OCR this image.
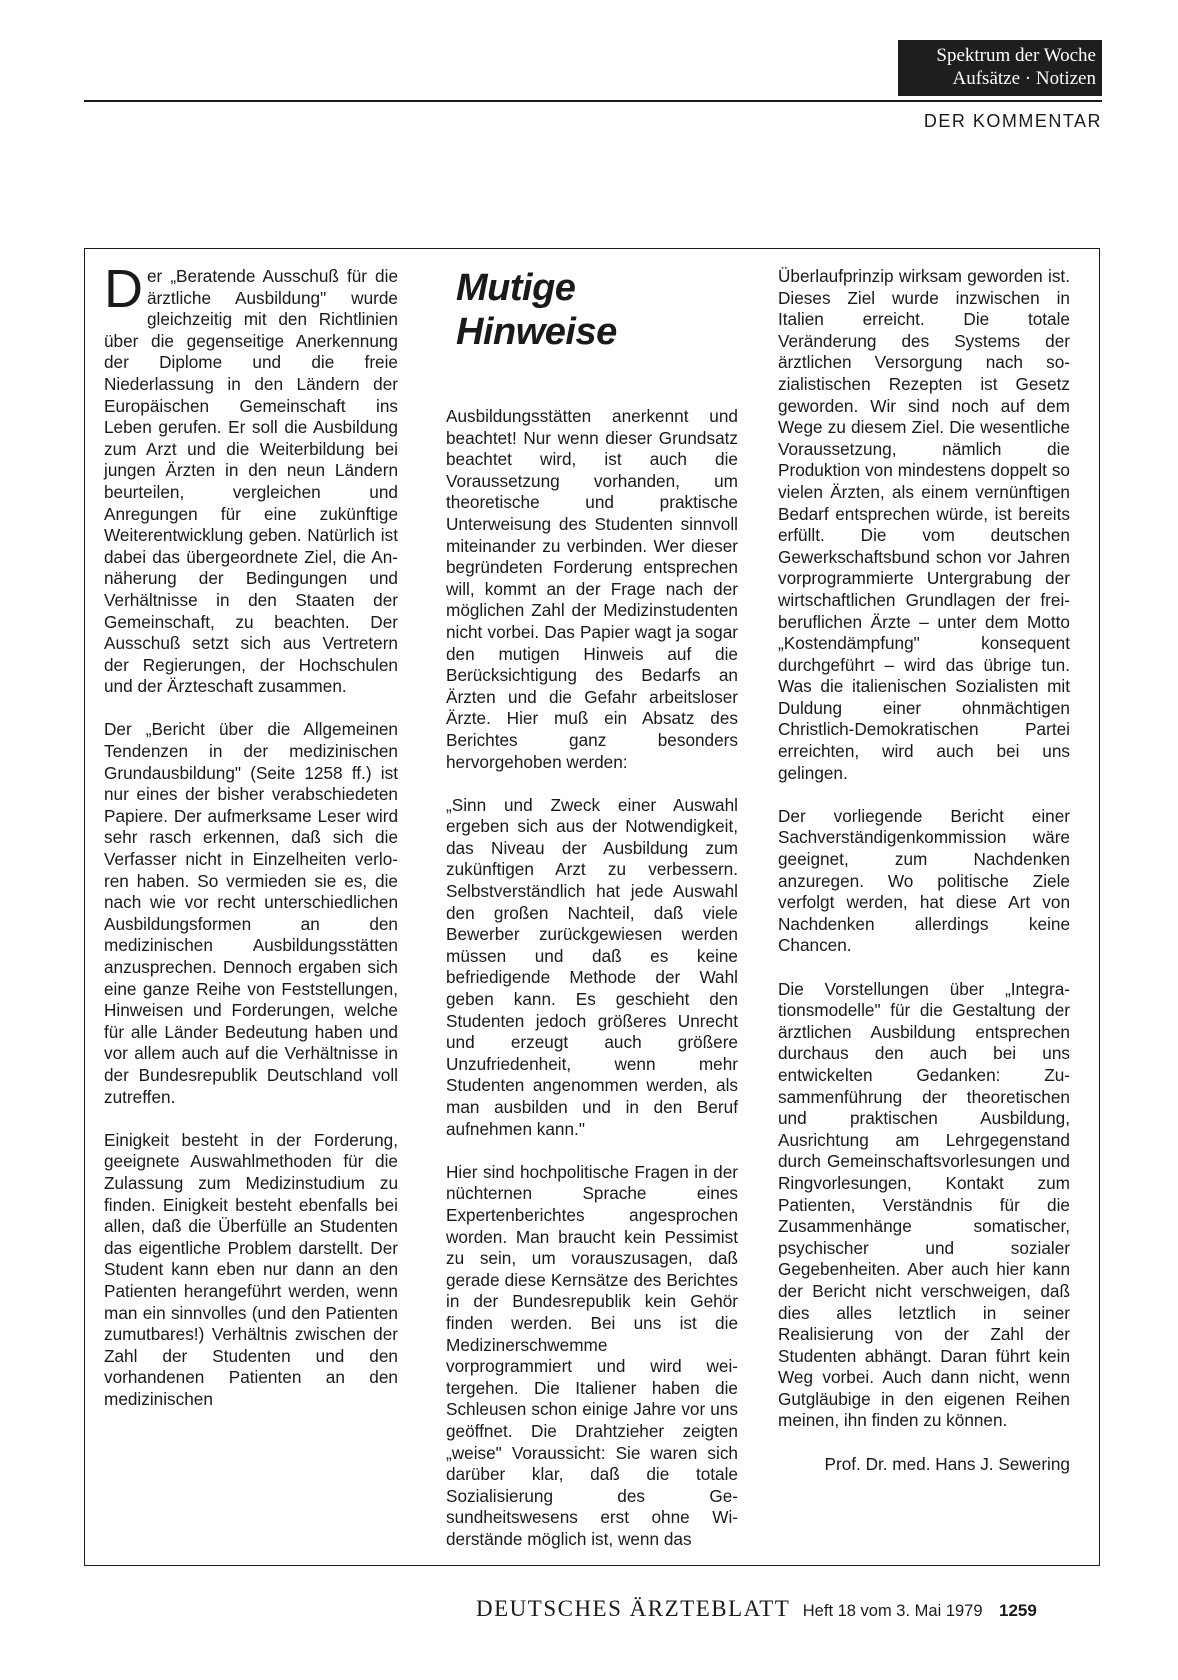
Spektrum der Woche
Aufsätze · Notizen
DER KOMMENTAR

Der „Beratende Ausschuß für die ärztliche Ausbildung" wurde gleichzeitig mit den Richtlinien über die gegenseitige Anerkennung der Diplome und die freie Niederlassung in den Ländern der Europäischen Gemeinschaft ins Leben gerufen. Er soll die Ausbildung zum Arzt und die Weiterbildung bei jungen Ärzten in den neun Ländern beurteilen, vergleichen und Anregungen für eine zukünftige Weiterentwicklung geben. Natürlich ist dabei das übergeordnete Ziel, die Annäherung der Bedingungen und Verhältnisse in den Staaten der Gemeinschaft, zu beachten. Der Ausschuß setzt sich aus Vertretern der Regierungen, der Hochschulen und der Ärzteschaft zusammen.

Der „Bericht über die Allgemeinen Tendenzen in der medizinischen Grundausbildung" (Seite 1258 ff.) ist nur eines der bisher verabschiedeten Papiere. Der aufmerksame Leser wird sehr rasch erkennen, daß sich die Verfasser nicht in Einzelheiten verloren haben. So vermieden sie es, die nach wie vor recht unterschiedlichen Ausbildungsformen an den medizinischen Ausbildungsstätten anzusprechen. Dennoch ergaben sich eine ganze Reihe von Feststellungen, Hinweisen und Forderungen, welche für alle Länder Bedeutung haben und vor allem auch auf die Verhältnisse in der Bundesrepublik Deutschland voll zutreffen.

Einigkeit besteht in der Forderung, geeignete Auswahlmethoden für die Zulassung zum Medizinstudium zu finden. Einigkeit besteht ebenfalls bei allen, daß die Überfülle an Studenten das eigentliche Problem darstellt. Der Student kann eben nur dann an den Patienten herangeführt werden, wenn man ein sinnvolles (und den Patienten zumutbares!) Verhältnis zwischen der Zahl der Studenten und den vorhandenen Patienten an den medizinischen

Mutige Hinweise

Ausbildungsstätten anerkennt und beachtet! Nur wenn dieser Grundsatz beachtet wird, ist auch die Voraussetzung vorhanden, um theoretische und praktische Unterweisung des Studenten sinnvoll miteinander zu verbinden. Wer dieser begründeten Forderung entsprechen will, kommt an der Frage nach der möglichen Zahl der Medizinstudenten nicht vorbei. Das Papier wagt ja sogar den mutigen Hinweis auf die Berücksichtigung des Bedarfs an Ärzten und die Gefahr arbeitsloser Ärzte. Hier muß ein Absatz des Berichtes ganz besonders hervorgehoben werden:

„Sinn und Zweck einer Auswahl ergeben sich aus der Notwendigkeit, das Niveau der Ausbildung zum zukünftigen Arzt zu verbessern. Selbstverständlich hat jede Auswahl den großen Nachteil, daß viele Bewerber zurückgewiesen werden müssen und daß es keine befriedigende Methode der Wahl geben kann. Es geschieht den Studenten jedoch größeres Unrecht und erzeugt auch größere Unzufriedenheit, wenn mehr Studenten angenommen werden, als man ausbilden und in den Beruf aufnehmen kann."

Hier sind hochpolitische Fragen in der nüchternen Sprache eines Expertenberichtes angesprochen worden. Man braucht kein Pessimist zu sein, um vorauszusagen, daß gerade diese Kernsätze des Berichtes in der Bundesrepublik kein Gehör finden werden. Bei uns ist die Medizinerschwemme vorprogrammiert und wird weitergehen. Die Italiener haben die Schleusen schon einige Jahre vor uns geöffnet. Die Drahtzieher zeigten „weise" Voraussicht: Sie waren sich darüber klar, daß die totale Sozialisierung des Gesundheitswesens erst ohne Widerstände möglich ist, wenn das

Überlaufprinzip wirksam geworden ist. Dieses Ziel wurde inzwischen in Italien erreicht. Die totale Veränderung des Systems der ärztlichen Versorgung nach sozialistischen Rezepten ist Gesetz geworden. Wir sind noch auf dem Wege zu diesem Ziel. Die wesentliche Voraussetzung, nämlich die Produktion von mindestens doppelt so vielen Ärzten, als einem vernünftigen Bedarf entsprechen würde, ist bereits erfüllt. Die vom deutschen Gewerkschaftsbund schon vor Jahren vorprogrammierte Untergrabung der wirtschaftlichen Grundlagen der freiberuflichen Ärzte – unter dem Motto „Kostendämpfung" konsequent durchgeführt – wird das übrige tun. Was die italienischen Sozialisten mit Duldung einer ohnmächtigen Christlich-Demokratischen Partei erreichten, wird auch bei uns gelingen.

Der vorliegende Bericht einer Sachverständigenkommission wäre geeignet, zum Nachdenken anzuregen. Wo politische Ziele verfolgt werden, hat diese Art von Nachdenken allerdings keine Chancen.

Die Vorstellungen über „Integrationsmodelle" für die Gestaltung der ärztlichen Ausbildung entsprechen durchaus den auch bei uns entwickelten Gedanken: Zusammenführung der theoretischen und praktischen Ausbildung, Ausrichtung am Lehrgegenstand durch Gemeinschaftsvorlesungen und Ringvorlesungen, Kontakt zum Patienten, Verständnis für die Zusammenhänge somatischer, psychischer und sozialer Gegebenheiten. Aber auch hier kann der Bericht nicht verschweigen, daß dies alles letztlich in seiner Realisierung von der Zahl der Studenten abhängt. Daran führt kein Weg vorbei. Auch dann nicht, wenn Gutgläubige in den eigenen Reihen meinen, ihn finden zu können.

Prof. Dr. med. Hans J. Sewering

DEUTSCHES ÄRZTEBLATT Heft 18 vom 3. Mai 1979 1259
